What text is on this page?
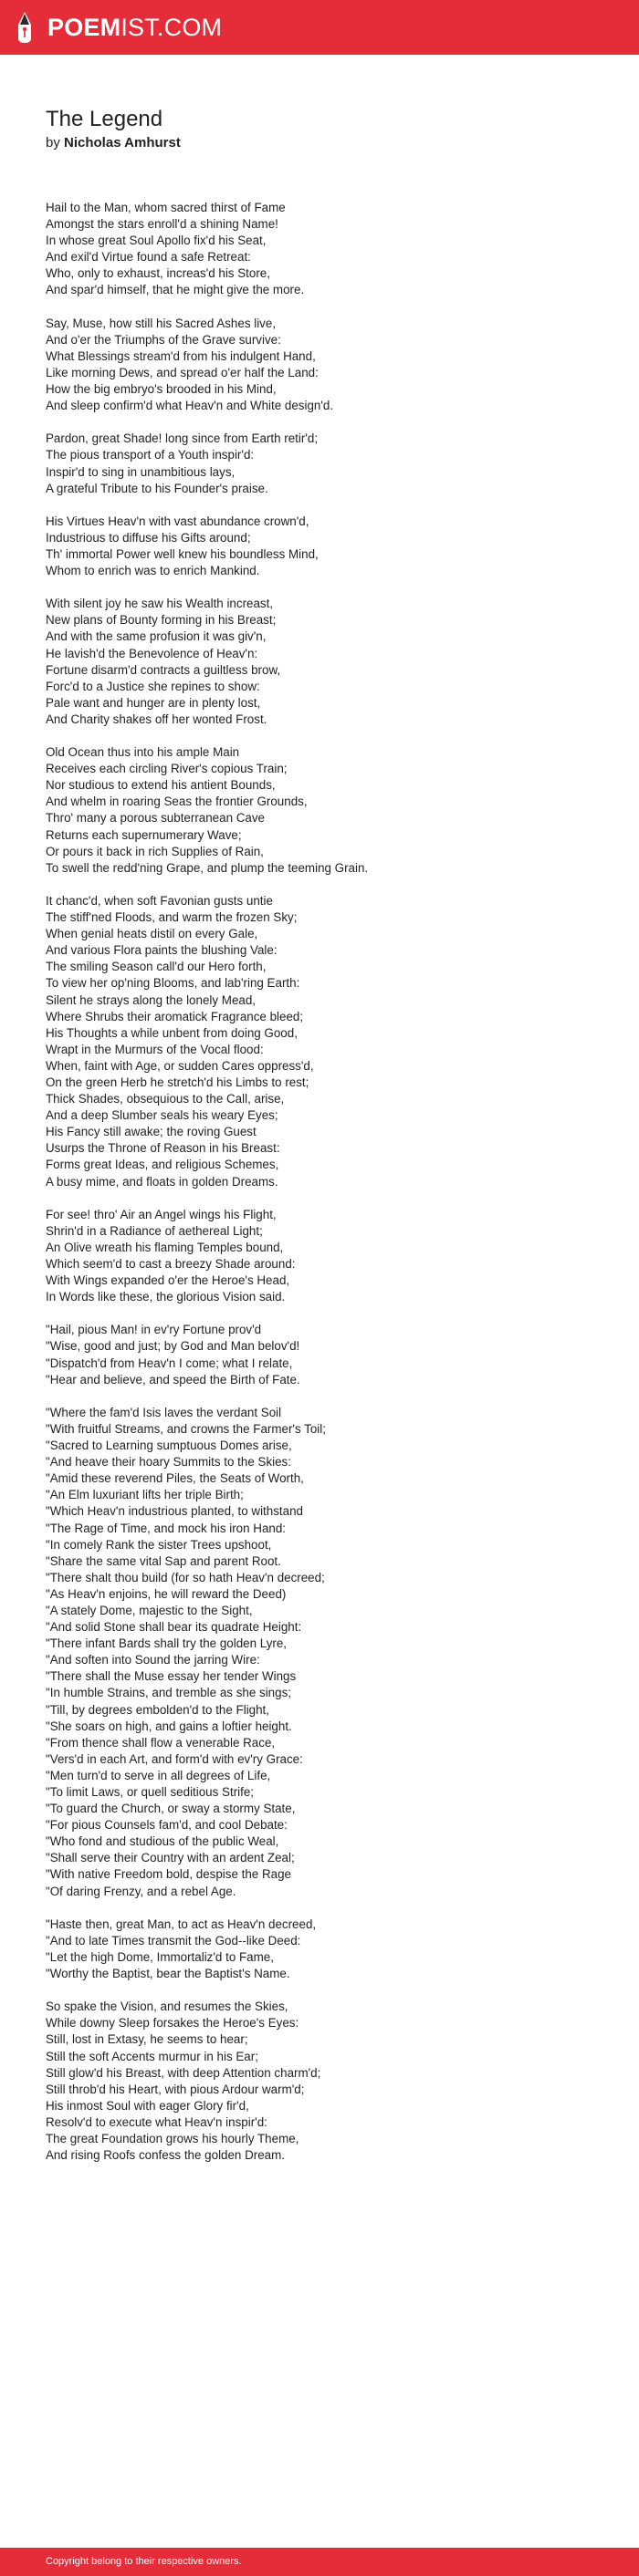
POEMIST.COM
The Legend
by Nicholas Amhurst
Hail to the Man, whom sacred thirst of Fame
Amongst the stars enroll'd a shining Name!
In whose great Soul Apollo fix'd his Seat,
And exil'd Virtue found a safe Retreat:
Who, only to exhaust, increas'd his Store,
And spar'd himself, that he might give the more.
Say, Muse, how still his Sacred Ashes live,
And o'er the Triumphs of the Grave survive:
What Blessings stream'd from his indulgent Hand,
Like morning Dews, and spread o'er half the Land:
How the big embryo's brooded in his Mind,
And sleep confirm'd what Heav'n and White design'd.
Pardon, great Shade! long since from Earth retir'd;
The pious transport of a Youth inspir'd:
Inspir'd to sing in unambitious lays,
A grateful Tribute to his Founder's praise.
His Virtues Heav'n with vast abundance crown'd,
Industrious to diffuse his Gifts around;
Th' immortal Power well knew his boundless Mind,
Whom to enrich was to enrich Mankind.
With silent joy he saw his Wealth increast,
New plans of Bounty forming in his Breast;
And with the same profusion it was giv'n,
He lavish'd the Benevolence of Heav'n:
Fortune disarm'd contracts a guiltless brow,
Forc'd to a Justice she repines to show:
Pale want and hunger are in plenty lost,
And Charity shakes off her wonted Frost.
Old Ocean thus into his ample Main
Receives each circling River's copious Train;
Nor studious to extend his antient Bounds,
And whelm in roaring Seas the frontier Grounds,
Thro' many a porous subterranean Cave
Returns each supernumerary Wave;
Or pours it back in rich Supplies of Rain,
To swell the redd'ning Grape, and plump the teeming Grain.
It chanc'd, when soft Favonian gusts untie
The stiff'ned Floods, and warm the frozen Sky;
When genial heats distil on every Gale,
And various Flora paints the blushing Vale:
The smiling Season call'd our Hero forth,
To view her op'ning Blooms, and lab'ring Earth:
Silent he strays along the lonely Mead,
Where Shrubs their aromatick Fragrance bleed;
His Thoughts a while unbent from doing Good,
Wrapt in the Murmurs of the Vocal flood:
When, faint with Age, or sudden Cares oppress'd,
On the green Herb he stretch'd his Limbs to rest;
Thick Shades, obsequious to the Call, arise,
And a deep Slumber seals his weary Eyes;
His Fancy still awake; the roving Guest
Usurps the Throne of Reason in his Breast:
Forms great Ideas, and religious Schemes,
A busy mime, and floats in golden Dreams.
For see! thro' Air an Angel wings his Flight,
Shrin'd in a Radiance of aethereal Light;
An Olive wreath his flaming Temples bound,
Which seem'd to cast a breezy Shade around:
With Wings expanded o'er the Heroe's Head,
In Words like these, the glorious Vision said.
"Hail, pious Man! in ev'ry Fortune prov'd
"Wise, good and just; by God and Man belov'd!
"Dispatch'd from Heav'n I come; what I relate,
"Hear and believe, and speed the Birth of Fate.
"Where the fam'd Isis laves the verdant Soil
"With fruitful Streams, and crowns the Farmer's Toil;
"Sacred to Learning sumptuous Domes arise,
"And heave their hoary Summits to the Skies:
"Amid these reverend Piles, the Seats of Worth,
"An Elm luxuriant lifts her triple Birth;
"Which Heav'n industrious planted, to withstand
"The Rage of Time, and mock his iron Hand:
"In comely Rank the sister Trees upshoot,
"Share the same vital Sap and parent Root.
"There shalt thou build (for so hath Heav'n decreed;
"As Heav'n enjoins, he will reward the Deed)
"A stately Dome, majestic to the Sight,
"And solid Stone shall bear its quadrate Height:
"There infant Bards shall try the golden Lyre,
"And soften into Sound the jarring Wire:
"There shall the Muse essay her tender Wings
"In humble Strains, and tremble as she sings;
"Till, by degrees embolden'd to the Flight,
"She soars on high, and gains a loftier height.
"From thence shall flow a venerable Race,
"Vers'd in each Art, and form'd with ev'ry Grace:
"Men turn'd to serve in all degrees of Life,
"To limit Laws, or quell seditious Strife;
"To guard the Church, or sway a stormy State,
"For pious Counsels fam'd, and cool Debate:
"Who fond and studious of the public Weal,
"Shall serve their Country with an ardent Zeal;
"With native Freedom bold, despise the Rage
"Of daring Frenzy, and a rebel Age.
"Haste then, great Man, to act as Heav'n decreed,
"And to late Times transmit the God--like Deed:
"Let the high Dome, Immortaliz'd to Fame,
"Worthy the Baptist, bear the Baptist's Name.
So spake the Vision, and resumes the Skies,
While downy Sleep forsakes the Heroe's Eyes:
Still, lost in Extasy, he seems to hear;
Still the soft Accents murmur in his Ear;
Still glow'd his Breast, with deep Attention charm'd;
Still throb'd his Heart, with pious Ardour warm'd;
His inmost Soul with eager Glory fir'd,
Resolv'd to execute what Heav'n inspir'd:
The great Foundation grows his hourly Theme,
And rising Roofs confess the golden Dream.
Copyright belong to their respective owners.
